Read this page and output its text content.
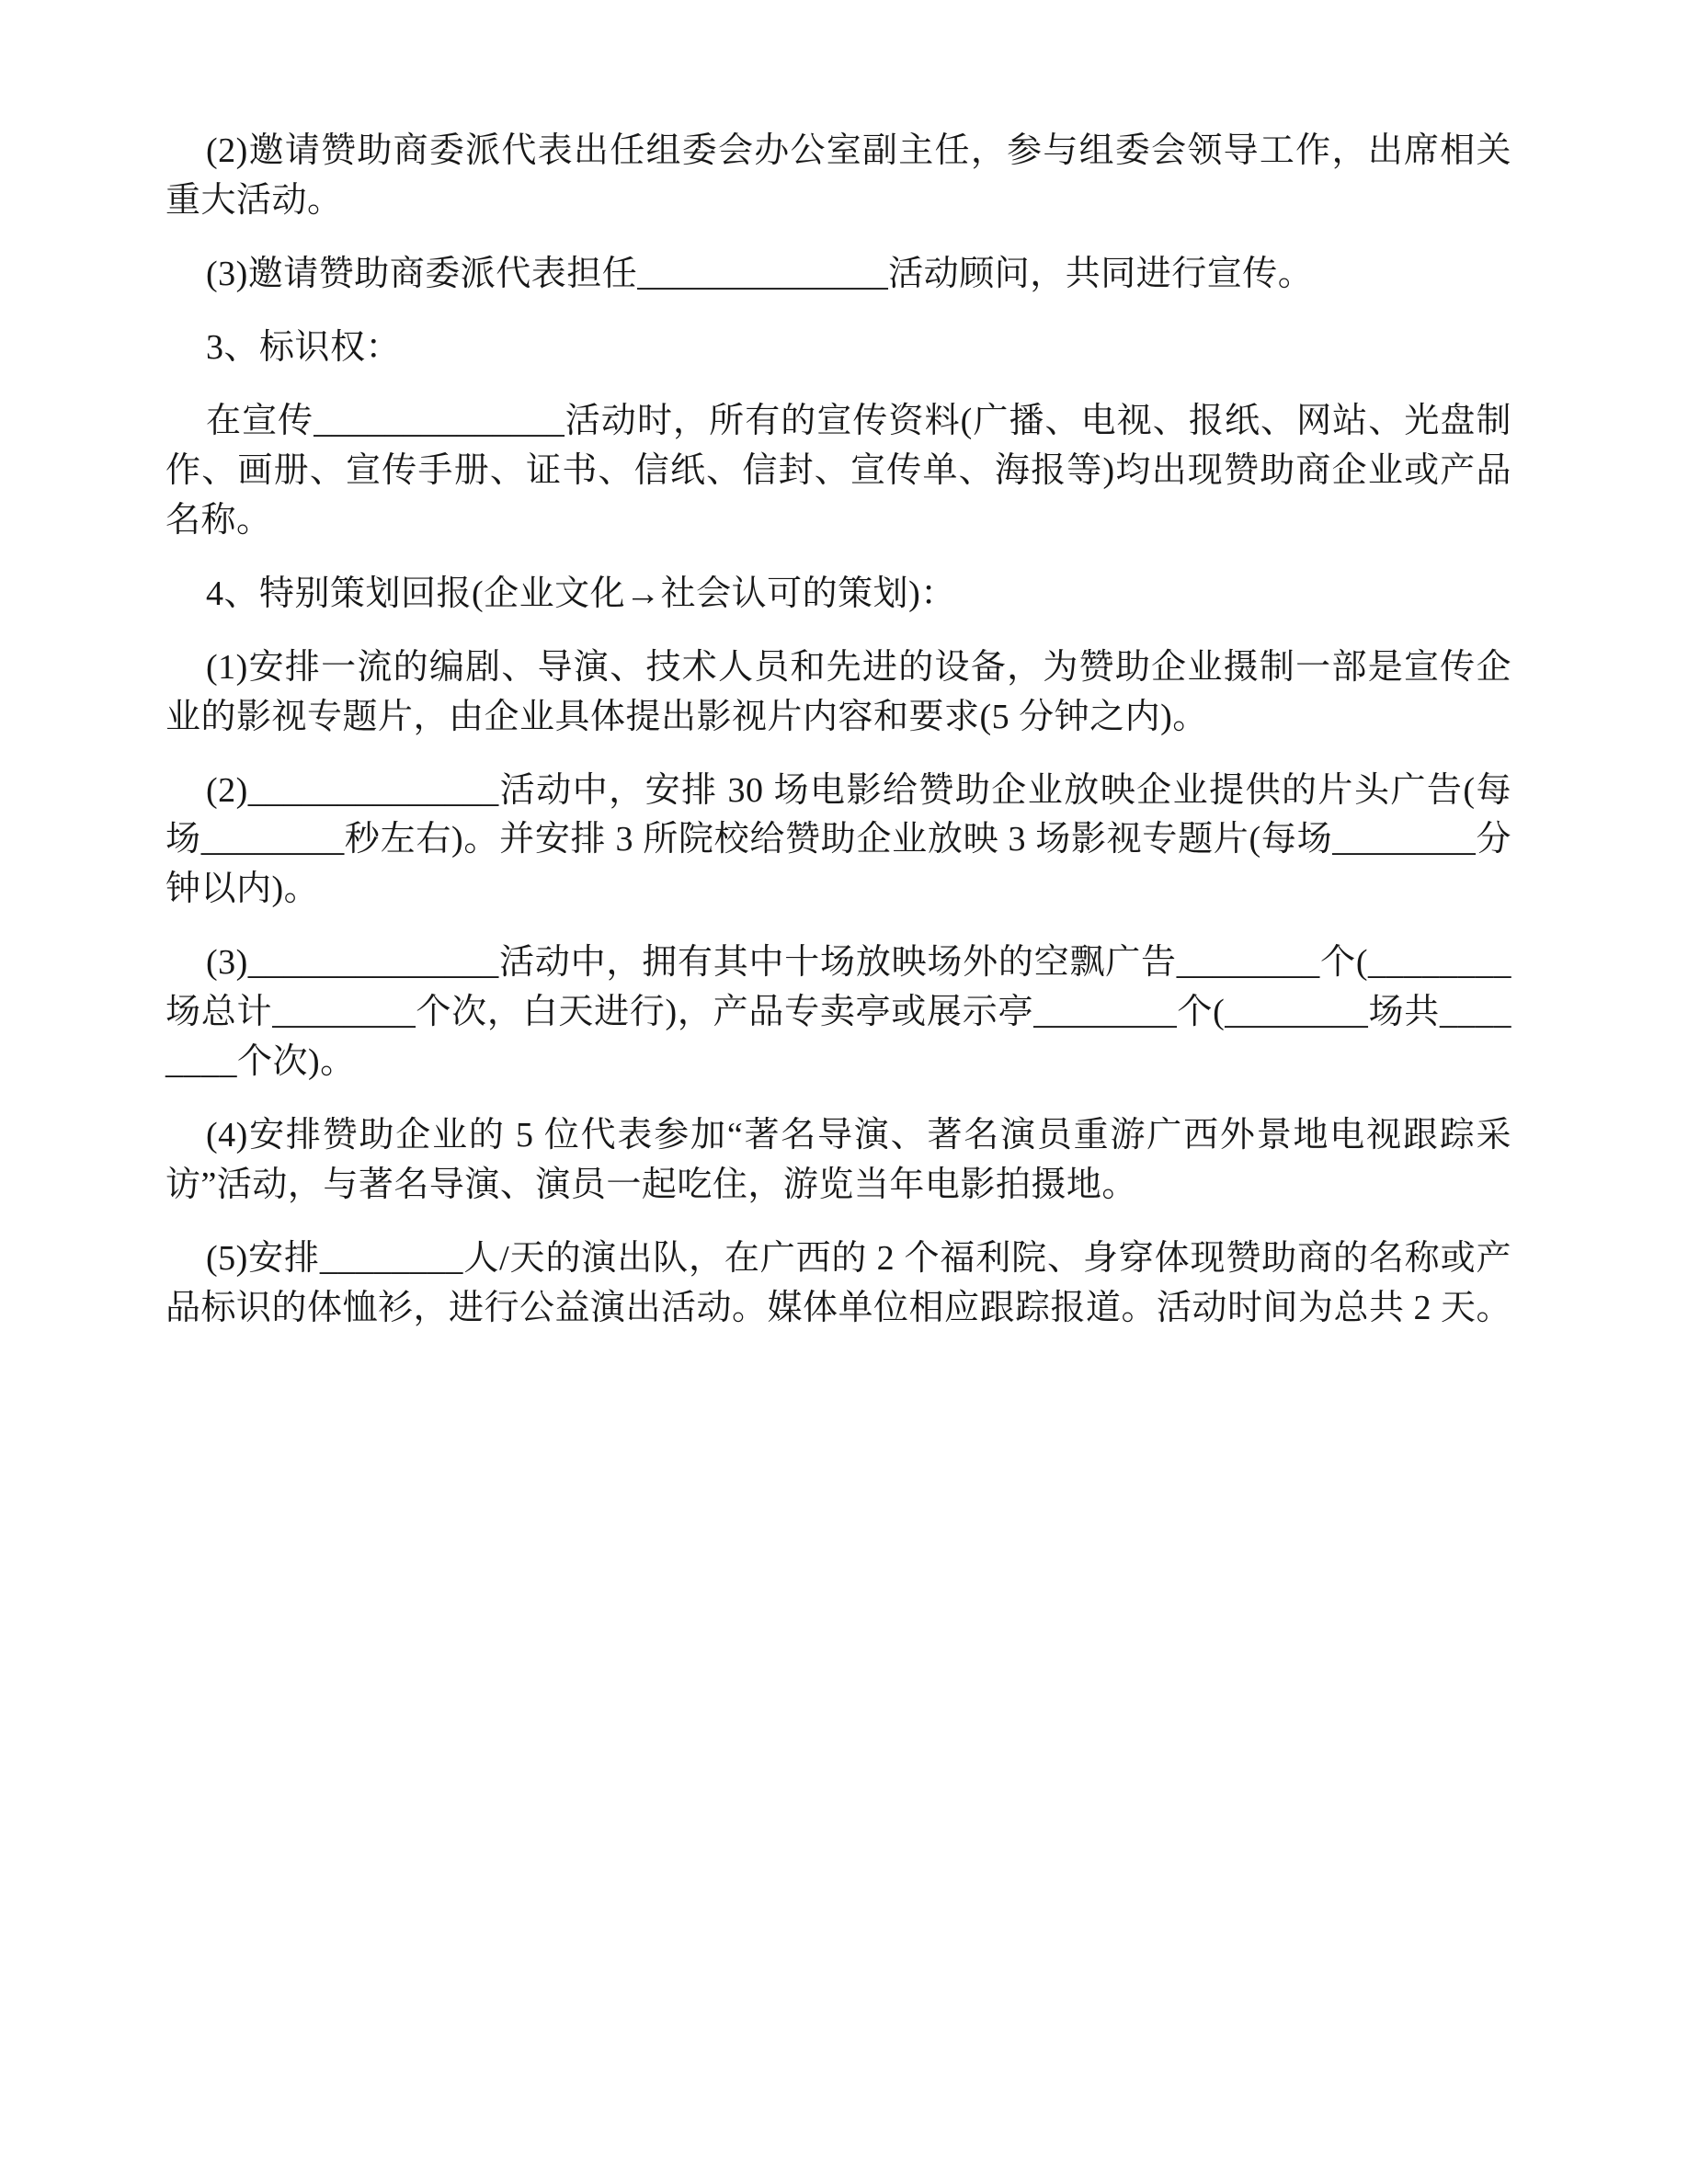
(2)邀请赞助商委派代表出任组委会办公室副主任，参与组委会领导工作，出席相关重大活动。

(3)邀请赞助商委派代表担任______________活动顾问，共同进行宣传。

3、标识权：

在宣传______________活动时，所有的宣传资料(广播、电视、报纸、网站、光盘制作、画册、宣传手册、证书、信纸、信封、宣传单、海报等)均出现赞助商企业或产品名称。

4、特别策划回报(企业文化→社会认可的策划)：

(1)安排一流的编剧、导演、技术人员和先进的设备，为赞助企业摄制一部是宣传企业的影视专题片，由企业具体提出影视片内容和要求(5 分钟之内)。

(2)______________活动中，安排 30 场电影给赞助企业放映企业提供的片头广告(每场________秒左右)。并安排 3 所院校给赞助企业放映 3 场影视专题片(每场________分钟以内)。

(3)______________活动中，拥有其中十场放映场外的空飘广告________个(________场总计________个次，白天进行)，产品专卖亭或展示亭________个(________场共________个次)。

(4)安排赞助企业的 5 位代表参加“著名导演、著名演员重游广西外景地电视跟踪采访”活动，与著名导演、演员一起吃住，游览当年电影拍摄地。

(5)安排________人/天的演出队，在广西的 2 个福利院、身穿体现赞助商的名称或产品标识的体恤衫，进行公益演出活动。媒体单位相应跟踪报道。活动时间为总共 2 天。
